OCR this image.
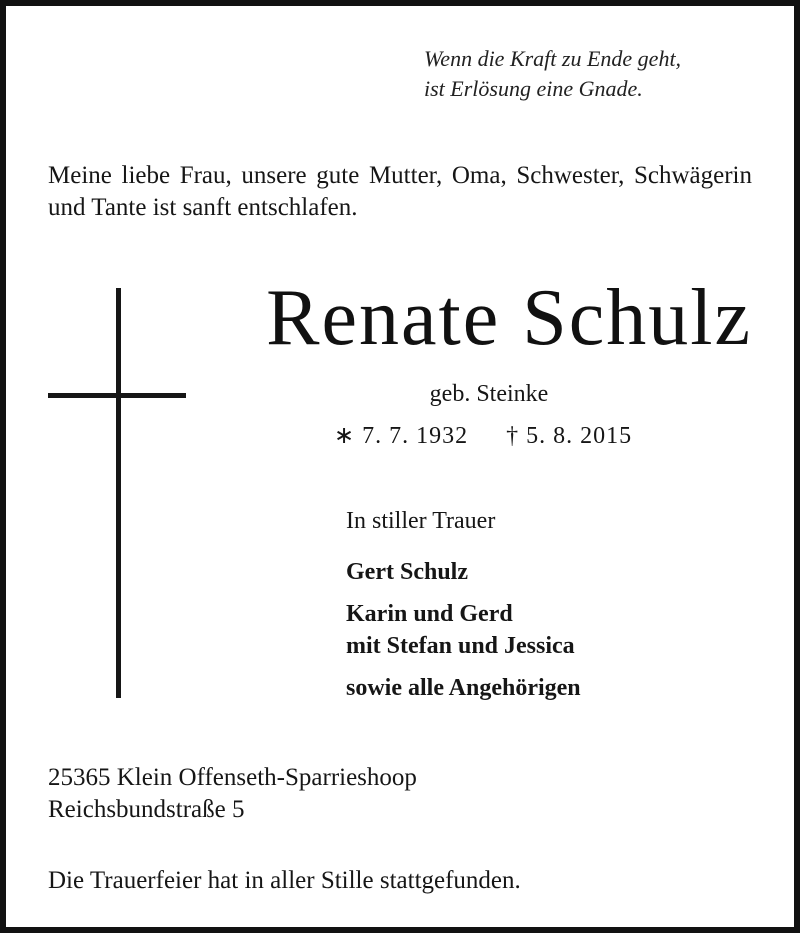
Wenn die Kraft zu Ende geht,
ist Erlösung eine Gnade.
Meine liebe Frau, unsere gute Mutter, Oma, Schwester, Schwägerin und Tante ist sanft entschlafen.
Renate Schulz
geb. Steinke
∗ 7. 7. 1932 † 5. 8. 2015
In stiller Trauer
Gert Schulz
Karin und Gerd
mit Stefan und Jessica
sowie alle Angehörigen
25365 Klein Offenseth-Sparrieshoop
Reichsbundstraße 5
Die Trauerfeier hat in aller Stille stattgefunden.
